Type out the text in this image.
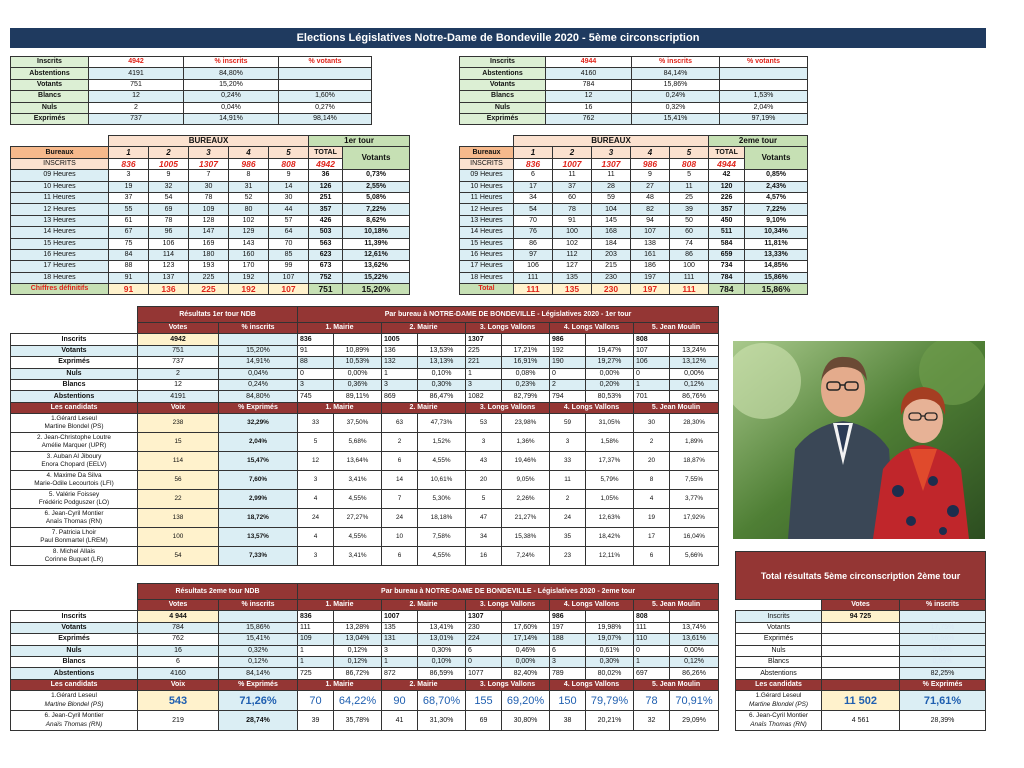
Elections Législatives Notre-Dame de Bondeville 2020 - 5ème circonscription
Inscrits	4942	% inscrits	% votants
Abstentions	4191	84,80%	
Votants	751	15,20%	
Blancs	12	0,24%	1,60%
Nuls	2	0,04%	0,27%
Exprimés	737	14,91%	98,14%
Inscrits	4944	% inscrits	% votants
Abstentions	4160	84,14%	
Votants	784	15,86%	
Blancs	12	0,24%	1,53%
Nuls	16	0,32%	2,04%
Exprimés	762	15,41%	97,19%
	BUREAUX					1er tour	
Bureaux	1	2	3	4	5	TOTAL	Votants
INSCRITS	836	1005	1307	986	808	4942	
09 Heures	3	9	7	8	9	36	0,73%
10 Heures	19	32	30	31	14	126	2,55%
11 Heures	37	54	78	52	30	251	5,08%
12 Heures	55	69	109	80	44	357	7,22%
13 Heures	61	78	128	102	57	426	8,62%
14 Heures	67	96	147	129	64	503	10,18%
15 Heures	75	106	169	143	70	563	11,39%
16 Heures	84	114	180	160	85	623	12,61%
17 Heures	88	123	193	170	99	673	13,62%
18 Heures	91	137	225	192	107	752	15,22%
Chiffres définitifs	91	136	225	192	107	751	15,20%
	BUREAUX					2eme tour	
Bureaux	1	2	3	4	5	TOTAL	Votants
INSCRITS	836	1007	1307	986	808	4944	
09 Heures	6	11	11	9	5	42	0,85%
10 Heures	17	37	28	27	11	120	2,43%
11 Heures	34	60	59	48	25	226	4,57%
12 Heures	54	78	104	82	39	357	7,22%
13 Heures	70	91	145	94	50	450	9,10%
14 Heures	76	100	168	107	60	511	10,34%
15 Heures	86	102	184	138	74	584	11,81%
16 Heures	97	112	203	161	86	659	13,33%
17 Heures	106	127	215	186	100	734	14,85%
18 Heures	111	135	230	197	111	784	15,86%
Total	111	135	230	197	111	784	15,86%
	Résultats 1er tour NDB		Par bureau à NOTRE-DAME DE BONDEVILLE - Législatives 2020 - 1er tour									
	Votes	% inscrits	1. Mairie		2. Mairie		3. Longs Vallons		4. Longs Vallons		5. Jean Moulin	
Inscrits	4942		836		1005		1307		986		808	
Votants	751	15,20%	91	10,89%	136	13,53%	225	17,21%	192	19,47%	107	13,24%
Exprimés	737	14,91%	88	10,53%	132	13,13%	221	16,91%	190	19,27%	106	13,12%
Nuls	2	0,04%	0	0,00%	1	0,10%	1	0,08%	0	0,00%	0	0,00%
Blancs	12	0,24%	3	0,36%	3	0,30%	3	0,23%	2	0,20%	1	0,12%
Abstentions	4191	84,80%	745	89,11%	869	86,47%	1082	82,79%	794	80,53%	701	86,76%
Les candidats	Voix	% Exprimés	1. Mairie		2. Mairie		3. Longs Vallons		4. Longs Vallons		5. Jean Moulin	
1.Gérard Leseul
Martine Blondel (PS)	238	32,29%	33	37,50%	63	47,73%	53	23,98%	59	31,05%	30	28,30%
2. Jean-Christophe Loutre
Amélie Marquer (UPR)	15	2,04%	5	5,68%	2	1,52%	3	1,36%	3	1,58%	2	1,89%
3. Auban Al Jiboury
Enora Chopard (EELV)	114	15,47%	12	13,64%	6	4,55%	43	19,46%	33	17,37%	20	18,87%
4. Maxime Da Silva
Marie-Odile Lecourtois (LFI)	56	7,60%	3	3,41%	14	10,61%	20	9,05%	11	5,79%	8	7,55%
5. Valérie Foissey
Frédéric Podguszer (LO)	22	2,99%	4	4,55%	7	5,30%	5	2,26%	2	1,05%	4	3,77%
6. Jean-Cyril Montier
Anaïs Thomas (RN)	138	18,72%	24	27,27%	24	18,18%	47	21,27%	24	12,63%	19	17,92%
7. Patricia Lhoir
Paul Bonmartel (LREM)	100	13,57%	4	4,55%	10	7,58%	34	15,38%	35	18,42%	17	16,04%
8. Michel Allais
Corinne Buquet (LR)	54	7,33%	3	3,41%	6	4,55%	16	7,24%	23	12,11%	6	5,66%
	Résultats 2eme tour NDB		Par bureau à NOTRE-DAME DE BONDEVILLE - Législatives 2020 - 2eme tour									
	Votes	% inscrits	1. Mairie		2. Mairie		3. Longs Vallons		4. Longs Vallons		5. Jean Moulin	
Inscrits	4 944		836		1007		1307		986		808	
Votants	784	15,86%	111	13,28%	135	13,41%	230	17,60%	197	19,98%	111	13,74%
Exprimés	762	15,41%	109	13,04%	131	13,01%	224	17,14%	188	19,07%	110	13,61%
Nuls	16	0,32%	1	0,12%	3	0,30%	6	0,46%	6	0,61%	0	0,00%
Blancs	6	0,12%	1	0,12%	1	0,10%	0	0,00%	3	0,30%	1	0,12%
Abstentions	4160	84,14%	725	86,72%	872	86,59%	1077	82,40%	789	80,02%	697	86,26%
Les candidats	Voix	% Exprimés	1. Mairie		2. Mairie		3. Longs Vallons		4. Longs Vallons		5. Jean Moulin	
1.Gérard Leseul
Martine Blondel (PS)	543	71,26%	70	64,22%	90	68,70%	155	69,20%	150	79,79%	78	70,91%
6. Jean-Cyril Montier
Anaïs Thomas (RN)	219	28,74%	39	35,78%	41	31,30%	69	30,80%	38	20,21%	32	29,09%
Total résultats 5ème circonscription 2ème tour		
	Votes	% inscrits
Inscrits	94 725	
Votants		17,75%
Exprimés		16,56%
Nuls		0,64%
Blancs		0,55%
Abstentions		82,25%
Les candidats		% Exprimés
1.Gérard Leseul
Martine Blondel (PS)	11 502	71,61%
6. Jean-Cyril Montier
Anaïs Thomas (RN)	4 561	28,39%
